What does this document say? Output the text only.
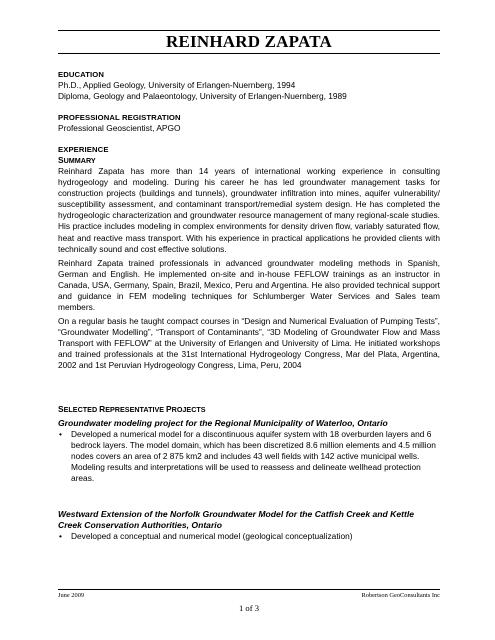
REINHARD ZAPATA
EDUCATION
Ph.D., Applied Geology, University of Erlangen-Nuernberg, 1994
Diploma, Geology and Palaeontology, University of Erlangen-Nuernberg, 1989
PROFESSIONAL REGISTRATION
Professional Geoscientist, APGO
EXPERIENCE
SUMMARY
Reinhard Zapata has more than 14 years of international working experience in consulting hydrogeology and modeling. During his career he has led groundwater management tasks for construction projects (buildings and tunnels), groundwater infiltration into mines, aquifer vulnerability/ susceptibility assessment, and contaminant transport/remedial system design. He has completed the hydrogeologic characterization and groundwater resource management of many regional-scale studies. His practice includes modeling in complex environments for density driven flow, variably saturated flow, heat and reactive mass transport. With his experience in practical applications he provided clients with technically sound and cost effective solutions.
Reinhard Zapata trained professionals in advanced groundwater modeling methods in Spanish, German and English. He implemented on-site and in-house FEFLOW trainings as an instructor in Canada, USA, Germany, Spain, Brazil, Mexico, Peru and Argentina. He also provided technical support and guidance in FEM modeling techniques for Schlumberger Water Services and Sales team members.
On a regular basis he taught compact courses in “Design and Numerical Evaluation of Pumping Tests”, “Groundwater Modelling”, “Transport of Contaminants”, “3D Modeling of Groundwater Flow and Mass Transport with FEFLOW” at the University of Erlangen and University of Lima. He initiated workshops and trained professionals at the 31st International Hydrogeology Congress, Mar del Plata, Argentina, 2002 and 1st Peruvian Hydrogeology Congress, Lima, Peru, 2004
SELECTED REPRESENTATIVE PROJECTS
Groundwater modeling project for the Regional Municipality of Waterloo, Ontario
• Developed a numerical model for a discontinuous aquifer system with 18 overburden layers and 6 bedrock layers. The model domain, which has been discretized 8.6 million elements and 4.5 million nodes covers an area of 2 875 km2 and includes 43 well fields with 142 active municipal wells. Modeling results and interpretations will be used to reassess and delineate wellhead protection areas.
Westward Extension of the Norfolk Groundwater Model for the Catfish Creek and Kettle Creek Conservation Authorities, Ontario
• Developed a conceptual and numerical model (geological conceptualization)
June 2009	Robertson GeoConsultants Inc
1 of 3
